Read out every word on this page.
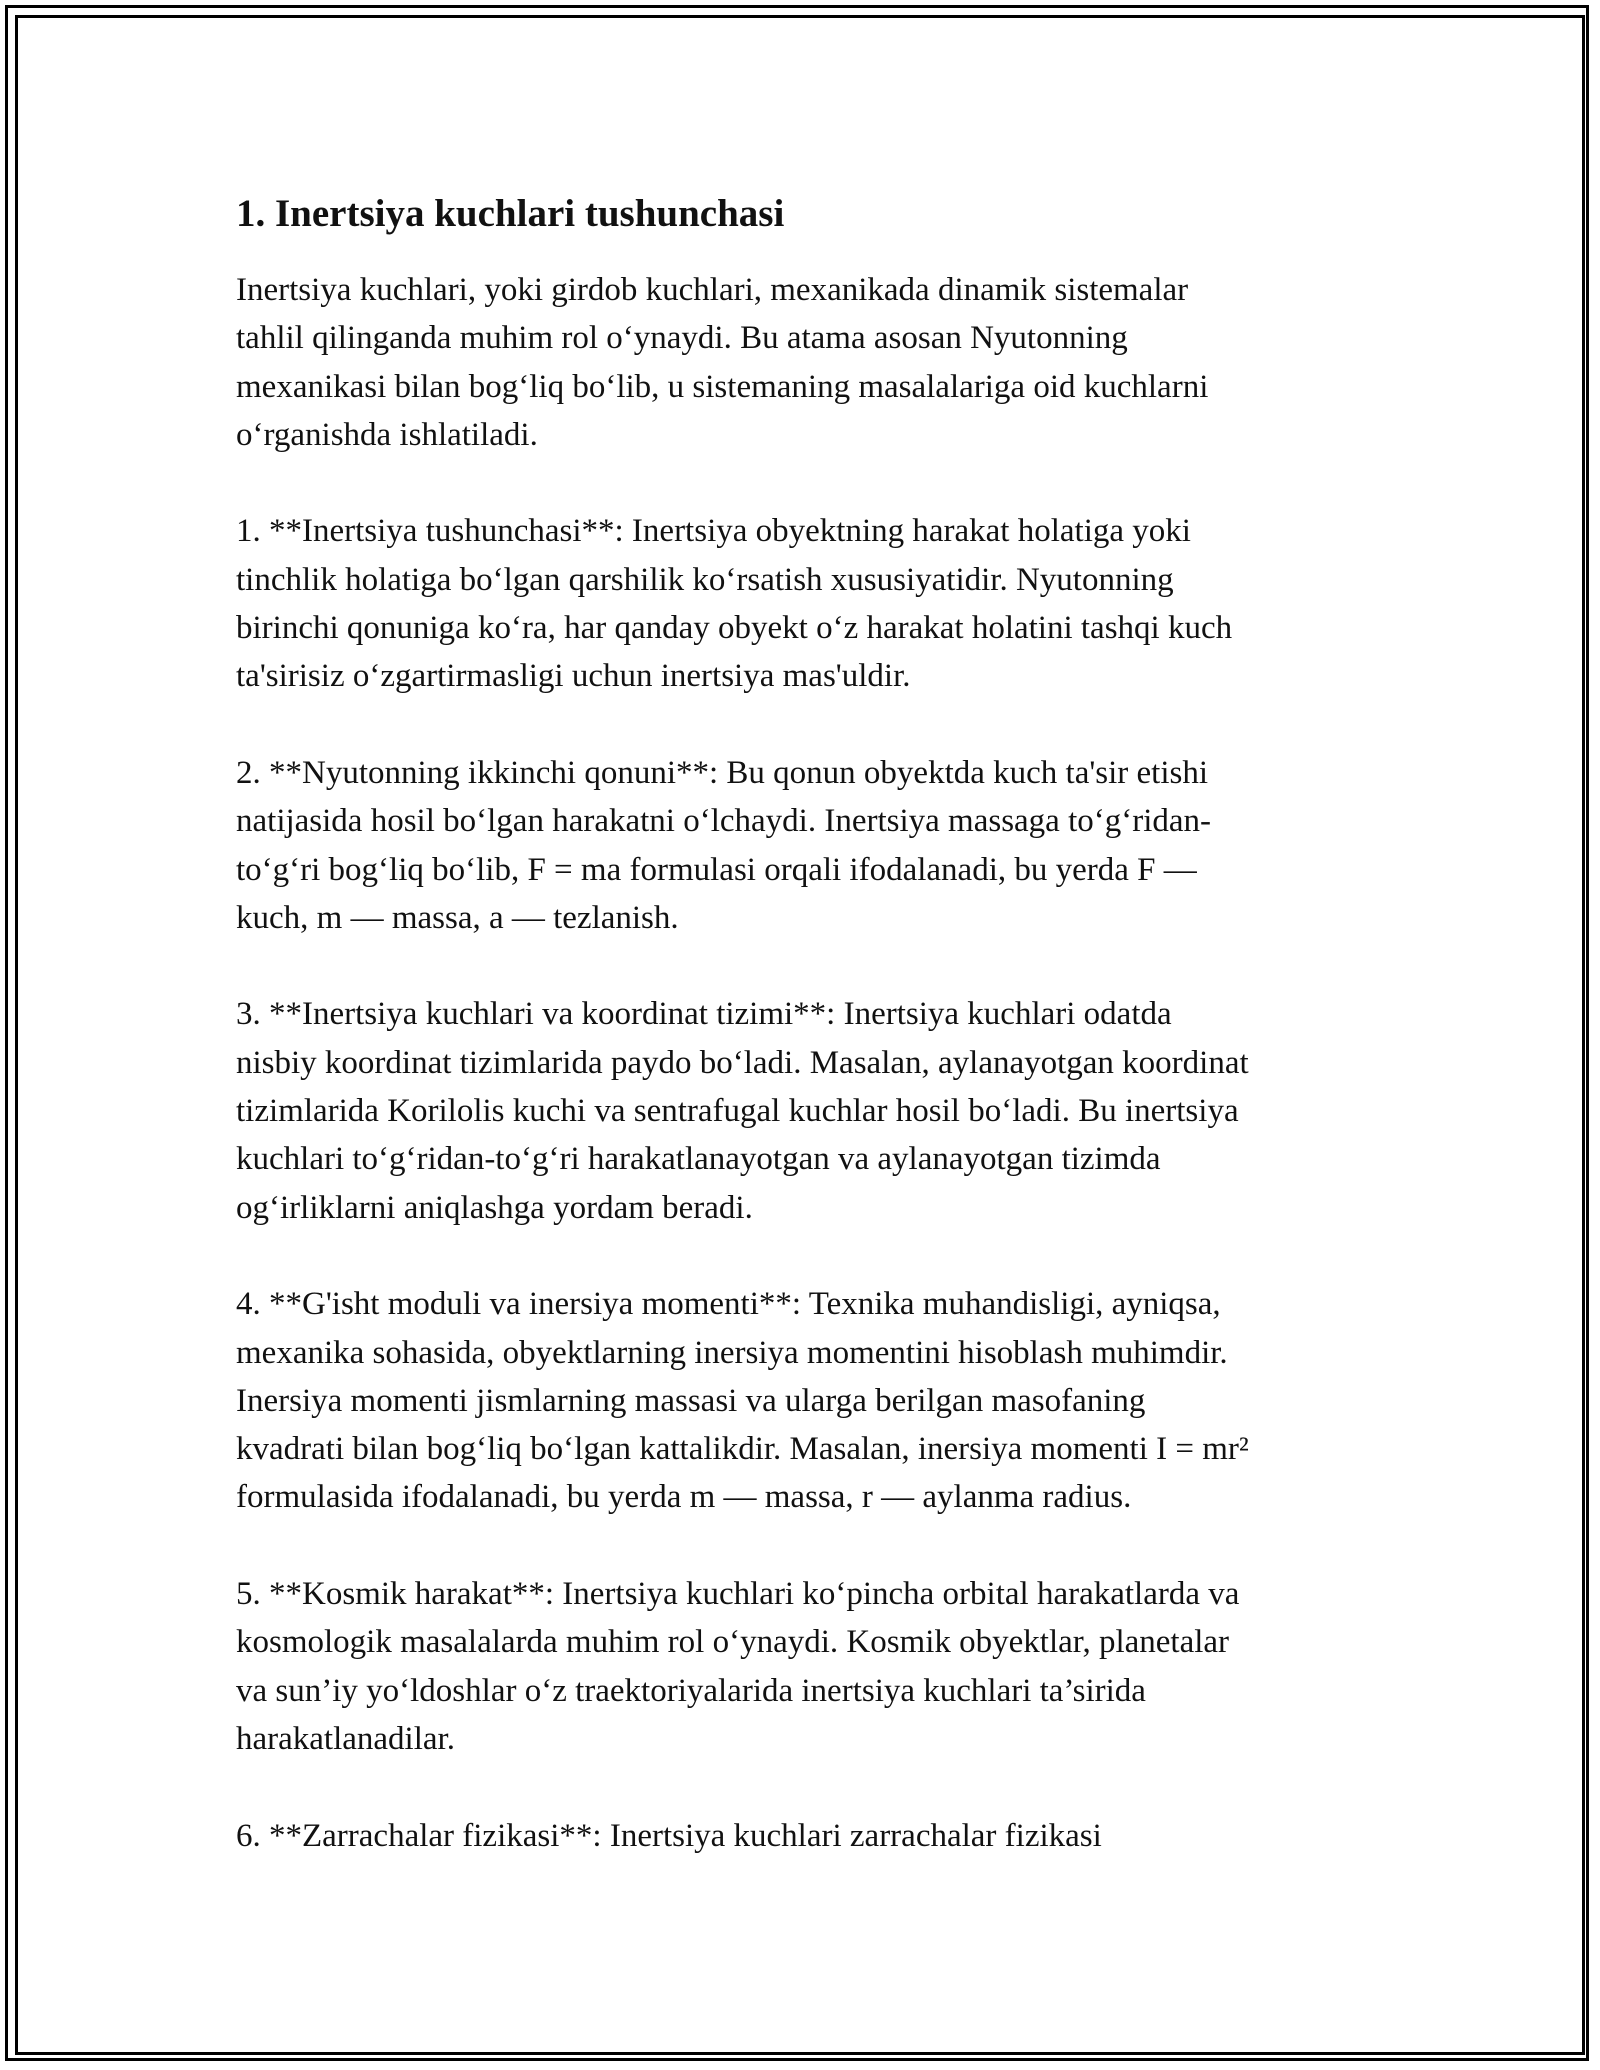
1. Inertsiya kuchlari tushunchasi

Inertsiya kuchlari, yoki girdob kuchlari, mexanikada dinamik sistemalar
tahlil qilinganda muhim rol o‘ynaydi. Bu atama asosan Nyutonning
mexanikasi bilan bog‘liq bo‘lib, u sistemaning masalalariga oid kuchlarni
o‘rganishda ishlatiladi.

1. **Inertsiya tushunchasi**: Inertsiya obyektning harakat holatiga yoki
tinchlik holatiga bo‘lgan qarshilik ko‘rsatish xususiyatidir. Nyutonning
birinchi qonuniga ko‘ra, har qanday obyekt o‘z harakat holatini tashqi kuch
ta'sirisiz o‘zgartirmasligi uchun inertsiya mas'uldir.

2. **Nyutonning ikkinchi qonuni**: Bu qonun obyektda kuch ta'sir etishi
natijasida hosil bo‘lgan harakatni o‘lchaydi. Inertsiya massaga to‘g‘ridan-
to‘g‘ri bog‘liq bo‘lib, F = ma formulasi orqali ifodalanadi, bu yerda F —
kuch, m — massa, a — tezlanish.

3. **Inertsiya kuchlari va koordinat tizimi**: Inertsiya kuchlari odatda
nisbiy koordinat tizimlarida paydo bo‘ladi. Masalan, aylanayotgan koordinat
tizimlarida Korilolis kuchi va sentrafugal kuchlar hosil bo‘ladi. Bu inertsiya
kuchlari to‘g‘ridan-to‘g‘ri harakatlanayotgan va aylanayotgan tizimda
og‘irliklarni aniqlashga yordam beradi.

4. **G'isht moduli va inersiya momenti**: Texnika muhandisligi, ayniqsa,
mexanika sohasida, obyektlarning inersiya momentini hisoblash muhimdir.
Inersiya momenti jismlarning massasi va ularga berilgan masofaning
kvadrati bilan bog‘liq bo‘lgan kattalikdir. Masalan, inersiya momenti I = mr²
formulasida ifodalanadi, bu yerda m — massa, r — aylanma radius.

5. **Kosmik harakat**: Inertsiya kuchlari ko‘pincha orbital harakatlarda va
kosmologik masalalarda muhim rol o‘ynaydi. Kosmik obyektlar, planetalar
va sun’iy yo‘ldoshlar o‘z traektoriyalarida inertsiya kuchlari ta’sirida
harakatlanadilar.

6. **Zarrachalar fizikasi**: Inertsiya kuchlari zarrachalar fizikasi
